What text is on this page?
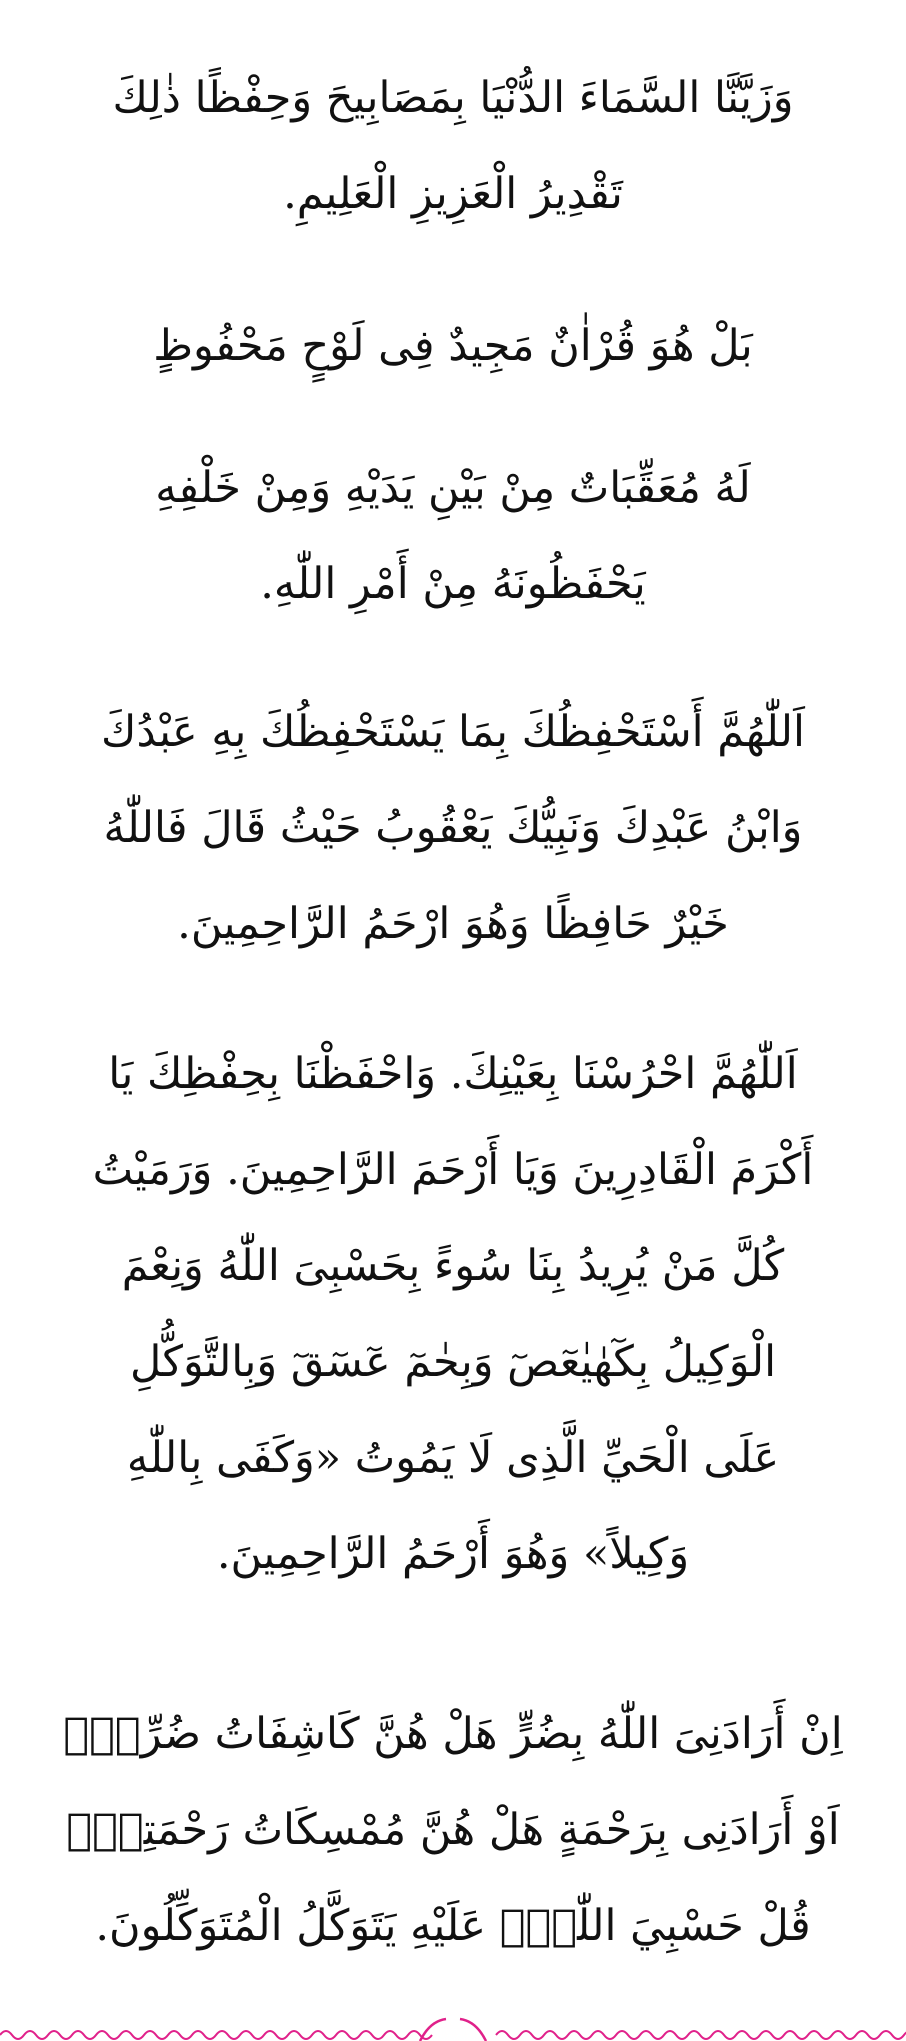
وَزَيَّنَّا السَّمَاءَ الدُّنْيَا بِمَصَابِيحَ وَحِفْظًا ذٰلِكَ
تَقْدِيرُ الْعَزِيزِ الْعَلِيمِ.
بَلْ هُوَ قُرْاٰنٌ مَجِيدٌ فِى لَوْحٍ مَحْفُوظٍ
لَهُ مُعَقِّبَاتٌ مِنْ بَيْنِ يَدَيْهِ وَمِنْ خَلْفِهِ
يَحْفَظُونَهُ مِنْ أَمْرِ اللّٰهِ.
اَللّٰهُمَّ أَسْتَحْفِظُكَ بِمَا يَسْتَحْفِظُكَ بِهِ عَبْدُكَ
وَابْنُ عَبْدِكَ وَنَبِيُّكَ يَعْقُوبُ حَيْثُ قَالَ فَاللّٰهُ
خَيْرٌ حَافِظًا وَهُوَ ارْحَمُ الرَّاحِمِينَ.
اَللّٰهُمَّ احْرُسْنَا بِعَيْنِكَ. وَاحْفَظْنَا بِحِفْظِكَ يَا
أَكْرَمَ الْقَادِرِينَ وَيَا أَرْحَمَ الرَّاحِمِينَ. وَرَمَيْتُ
كُلَّ مَنْ يُرِيدُ بِنَا سُوءً بِحَسْبِىَ اللّٰهُ وَنِعْمَ
الْوَكِيلُ بِكٓهٰيٰعٓصٓ وَبِحٰمٓ عٓسٓقٓ وَبِالتَّوَكُّلِ
عَلَى الْحَيِّ الَّذِى لَا يَمُوتُ «وَكَفَى بِاللّٰهِ
وَكِيلاً» وَهُوَ أَرْحَمُ الرَّاحِمِينَ.
اِنْ أَرَادَنِىَ اللّٰهُ بِضُرٍّ هَلْ هُنَّ كَاشِفَاتُ ضُرِّهٖٓ
اَوْ أَرَادَنِى بِرَحْمَةٍ هَلْ هُنَّ مُمْسِكَاتُ رَحْمَتِهٖۜ
قُلْ حَسْبِيَ اللّٰهُۜ عَلَيْهِ يَتَوَكَّلُ الْمُتَوَكِّلُونَ.
